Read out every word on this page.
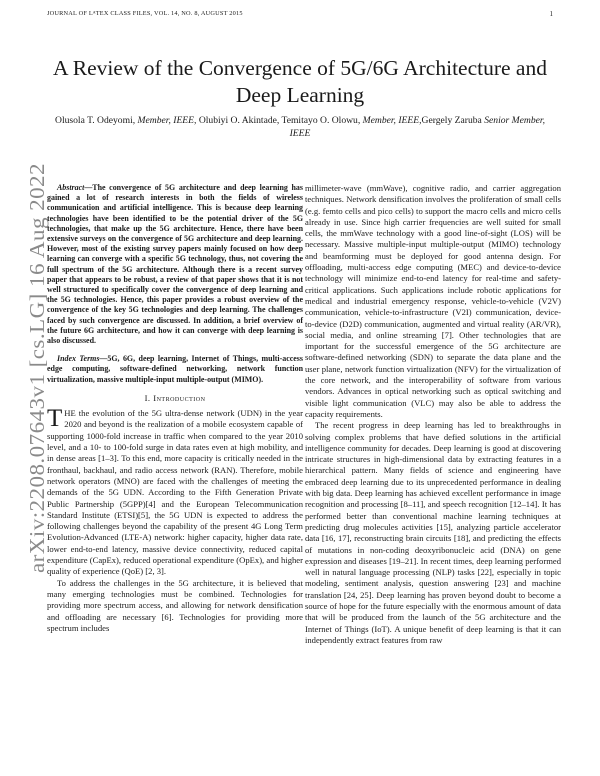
JOURNAL OF LᴬTEX CLASS FILES, VOL. 14, NO. 8, AUGUST 2015	1
arXiv:2208.07643v1 [cs.LG] 16 Aug 2022
A Review of the Convergence of 5G/6G Architecture and Deep Learning
Olusola T. Odeyomi, Member, IEEE, Olubiyi O. Akintade, Temitayo O. Olowu, Member, IEEE,Gergely Zaruba Senior Member, IEEE

Abstract—The convergence of 5G architecture and deep learning has gained a lot of research interests in both the fields of wireless communication and artificial intelligence. This is because deep learning technologies have been identified to be the potential driver of the 5G technologies, that make up the 5G architecture. Hence, there have been extensive surveys on the convergence of 5G architecture and deep learning. However, most of the existing survey papers mainly focused on how deep learning can converge with a specific 5G technology, thus, not covering the full spectrum of the 5G architecture. Although there is a recent survey paper that appears to be robust, a review of that paper shows that it is not well structured to specifically cover the convergence of deep learning and the 5G technologies. Hence, this paper provides a robust overview of the convergence of the key 5G technologies and deep learning. The challenges faced by such convergence are discussed. In addition, a brief overview of the future 6G architecture, and how it can converge with deep learning is also discussed.

Index Terms—5G, 6G, deep learning, Internet of Things, multi-access edge computing, software-defined networking, network function virtualization, massive multiple-input multiple-output (MIMO).

I. Introduction

THE the evolution of the 5G ultra-dense network (UDN) in the year 2020 and beyond is the realization of a mobile ecosystem capable of supporting 1000-fold increase in traffic when compared to the year 2010 level, and a 10- to 100-fold surge in data rates even at high mobility, and in dense areas [1–3]. To this end, more capacity is critically needed in the fronthaul, backhaul, and radio access network (RAN). Therefore, mobile network operators (MNO) are faced with the challenges of meeting the demands of the 5G UDN. According to the Fifth Generation Private Public Partnership (5GPP)[4] and the European Telecommunication Standard Institute (ETSI)[5], the 5G UDN is expected to address the following challenges beyond the capability of the present 4G Long Term Evolution-Advanced (LTE-A) network: higher capacity, higher data rate, lower end-to-end latency, massive device connectivity, reduced capital expenditure (CapEx), reduced operational expenditure (OpEx), and higher quality of experience (QoE) [2, 3].

To address the challenges in the 5G architecture, it is believed that many emerging technologies must be combined. Technologies for providing more spectrum access, and allowing for network densification and offloading are necessary [6]. Technologies for providing more spectrum includes

millimeter-wave (mmWave), cognitive radio, and carrier aggregation techniques. Network densification involves the proliferation of small cells (e.g. femto cells and pico cells) to support the macro cells and micro cells already in use. Since high carrier frequencies are well suited for small cells, the mmWave technology with a good line-of-sight (LOS) will be necessary. Massive multiple-input multiple-output (MIMO) technology and beamforming must be deployed for good antenna design. For offloading, multi-access edge computing (MEC) and device-to-device technology will minimize end-to-end latency for real-time and safety-critical applications. Such applications include robotic applications for medical and industrial emergency response, vehicle-to-vehicle (V2V) communication, vehicle-to-infrastructure (V2I) communication, device-to-device (D2D) communication, augmented and virtual reality (AR/VR), social media, and online streaming [7]. Other technologies that are important for the successful emergence of the 5G architecture are software-defined networking (SDN) to separate the data plane and the user plane, network function virtualization (NFV) for the virtualization of the core network, and the interoperability of software from various vendors. Advances in optical networking such as optical switching and visible light communication (VLC) may also be able to address the capacity requirements.

The recent progress in deep learning has led to breakthroughs in solving complex problems that have defied solutions in the artificial intelligence community for decades. Deep learning is good at discovering intricate structures in high-dimensional data by extracting features in a hierarchical pattern. Many fields of science and engineering have embraced deep learning due to its unprecedented performance in dealing with big data. Deep learning has achieved excellent performance in image recognition and processing [8–11], and speech recognition [12–14]. It has performed better than conventional machine learning techniques at predicting drug molecules activities [15], analyzing particle accelerator data [16, 17], reconstructing brain circuits [18], and predicting the effects of mutations in non-coding deoxyribonucleic acid (DNA) on gene expression and diseases [19–21]. In recent times, deep learning performed well in natural language processing (NLP) tasks [22], especially in topic modeling, sentiment analysis, question answering [23] and machine translation [24, 25]. Deep learning has proven beyond doubt to become a source of hope for the future especially with the enormous amount of data that will be produced from the launch of the 5G architecture and the Internet of Things (IoT). A unique benefit of deep learning is that it can independently extract features from raw
